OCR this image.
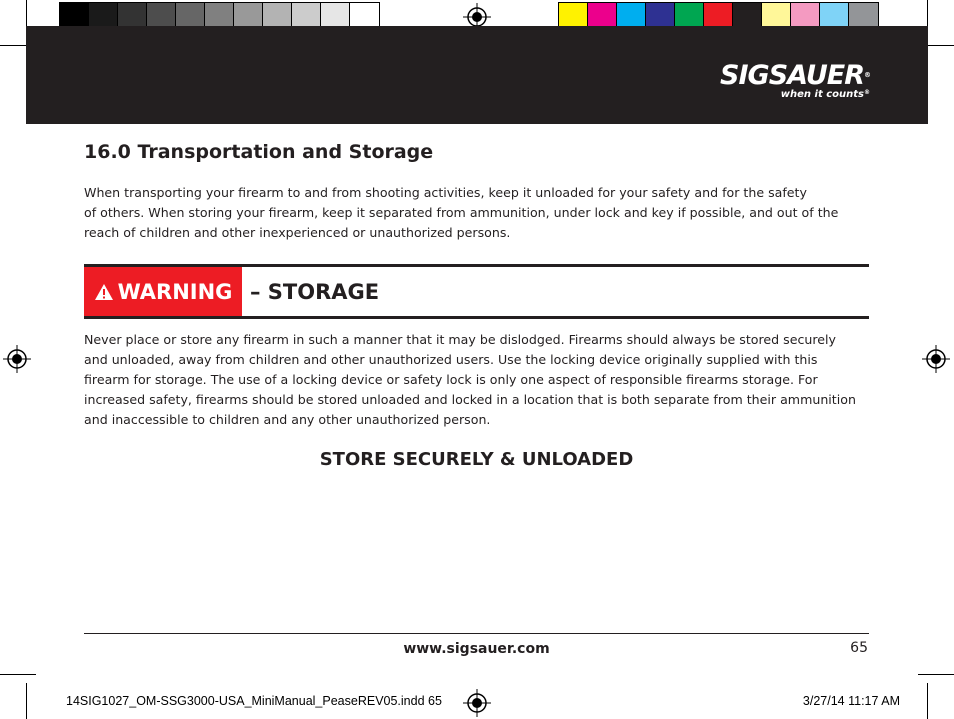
SIGSAUER®
when it counts®
16.0 Transportation and Storage
When transporting your firearm to and from shooting activities, keep it unloaded for your safety and for the safety
of others. When storing your firearm, keep it separated from ammunition, under lock and key if possible, and out of the
reach of children and other inexperienced or unauthorized persons.
WARNING – STORAGE
Never place or store any firearm in such a manner that it may be dislodged. Firearms should always be stored securely
and unloaded, away from children and other unauthorized users. Use the locking device originally supplied with this
firearm for storage. The use of a locking device or safety lock is only one aspect of responsible firearms storage. For
increased safety, firearms should be stored unloaded and locked in a location that is both separate from their ammunition
and inaccessible to children and any other unauthorized person.
STORE SECURELY & UNLOADED
www.sigsauer.com	65
14SIG1027_OM-SSG3000-USA_MiniManual_PeaseREV05.indd 65	3/27/14 11:17 AM
